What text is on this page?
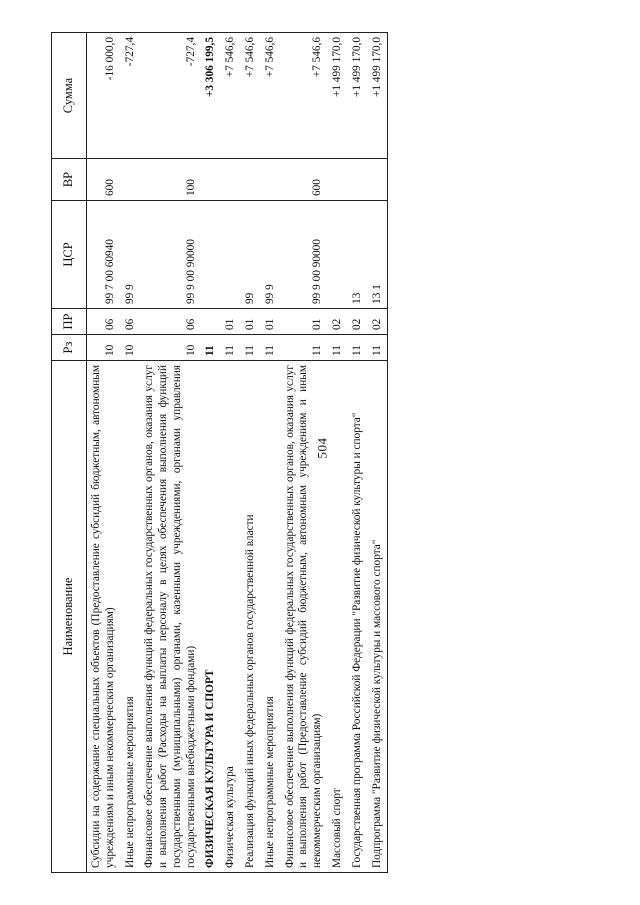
504
Наименование	Рз	ПР	ЦСР	ВР	Сумма
Субсидии на содержание специальных объектов (Предоставление субсидий бюджетным, автономным учреждениям и иным некоммерческим организациям)	10	06	99 7 00 60940	600	-16 000,0
Иные непрограммные мероприятия	10	06	99 9		-727,4
Финансовое обеспечение выполнения функций федеральных государственных органов, оказания услуг и выполнения работ (Расходы на выплаты персоналу в целях обеспечения выполнения функций государственными (муниципальными) органами, казенными учреждениями, органами управления государственными внебюджетными фондами)	10	06	99 9 00 90000	100	-727,4
ФИЗИЧЕСКАЯ КУЛЬТУРА И СПОРТ	11				+3 306 199,5
Физическая культура	11	01			+7 546,6
Реализация функций иных федеральных органов государственной власти	11	01	99		+7 546,6
Иные непрограммные мероприятия	11	01	99 9		+7 546,6
Финансовое обеспечение выполнения функций федеральных государственных органов, оказания услуг и выполнения работ (Предоставление субсидий бюджетным, автономным учреждениям и иным некоммерческим организациям)	11	01	99 9 00 90000	600	+7 546,6
Массовый спорт	11	02			+1 499 170,0
Государственная программа Российской Федерации "Развитие физической культуры и спорта"	11	02	13		+1 499 170,0
Подпрограмма "Развитие физической культуры и массового спорта"	11	02	13 1		+1 499 170,0
